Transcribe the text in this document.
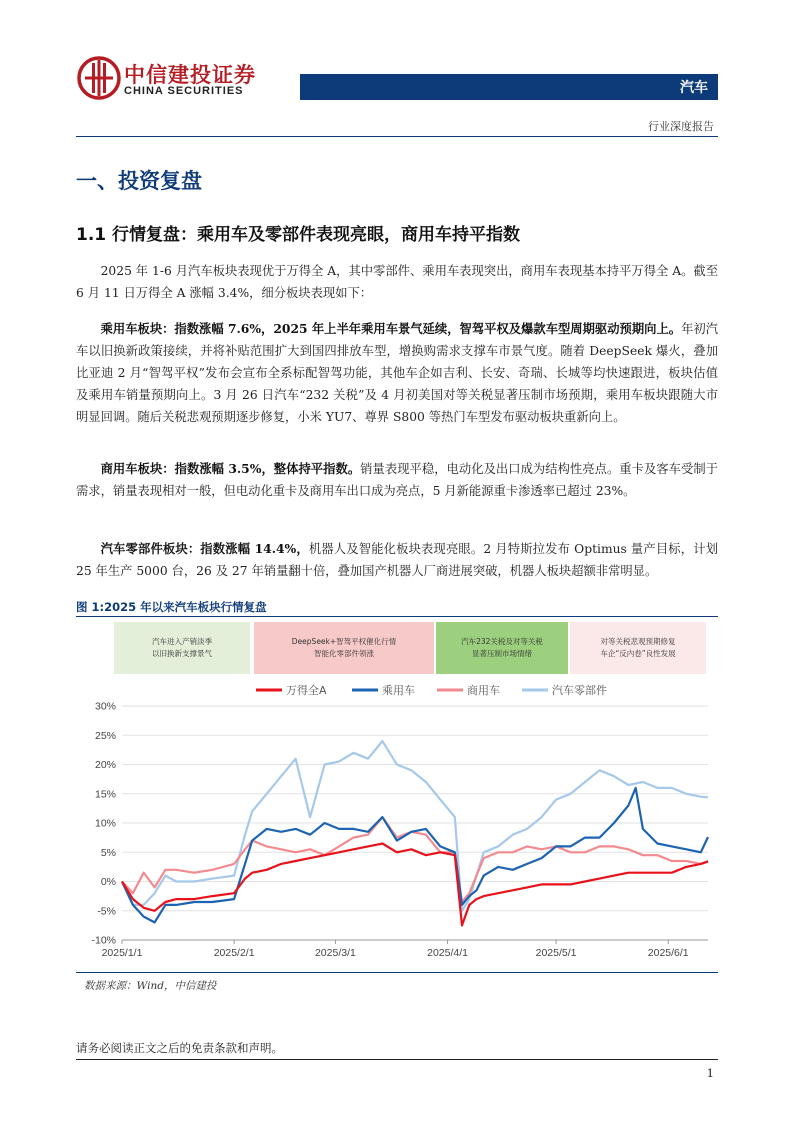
中信建投证券
CHINA SECURITIES	汽车
行业深度报告
一、投资复盘
1.1 行情复盘：乘用车及零部件表现亮眼，商用车持平指数

2025 年 1-6 月汽车板块表现优于万得全 A，其中零部件、乘用车表现突出，商用车表现基本持平万得全 A。截至 6 月 11 日万得全 A 涨幅 3.4%，细分板块表现如下：

乘用车板块：指数涨幅 7.6%，2025 年上半年乘用车景气延续，智驾平权及爆款车型周期驱动预期向上。年初汽车以旧换新政策接续，并将补贴范围扩大到国四排放车型，增换购需求支撑车市景气度。随着 DeepSeek 爆火，叠加比亚迪 2 月“智驾平权”发布会宣布全系标配智驾功能，其他车企如吉利、长安、奇瑞、长城等均快速跟进，板块估值及乘用车销量预期向上。3 月 26 日汽车“232 关税”及 4 月初美国对等关税显著压制市场预期，乘用车板块跟随大市明显回调。随后关税悲观预期逐步修复，小米 YU7、尊界 S800 等热门车型发布驱动板块重新向上。

商用车板块：指数涨幅 3.5%，整体持平指数。销量表现平稳，电动化及出口成为结构性亮点。重卡及客车受制于需求，销量表现相对一般，但电动化重卡及商用车出口成为亮点，5 月新能源重卡渗透率已超过 23%。

汽车零部件板块：指数涨幅 14.4%，机器人及智能化板块表现亮眼。2 月特斯拉发布 Optimus 量产目标，计划 25 年生产 5000 台，26 及 27 年销量翻十倍，叠加国产机器人厂商进展突破，机器人板块超额非常明显。

图 1:2025 年以来汽车板块行情复盘
汽车进入产销淡季
以旧换新支撑景气
DeepSeek+智驾平权催化行情
智能化零部件领涨
汽车232关税及对等关税
显著压制市场情绪
对等关税悲观预期修复
车企“反内卷”良性发展
-10%
-5%
0%
5%
10%
15%
20%
25%
30%
2025/1/1	2025/2/1	2025/3/1	2025/4/1	2025/5/1	2025/6/1
万得全A	乘用车	商用车	汽车零部件
数据来源：Wind，中信建投
请务必阅读正文之后的免责条款和声明。
1
